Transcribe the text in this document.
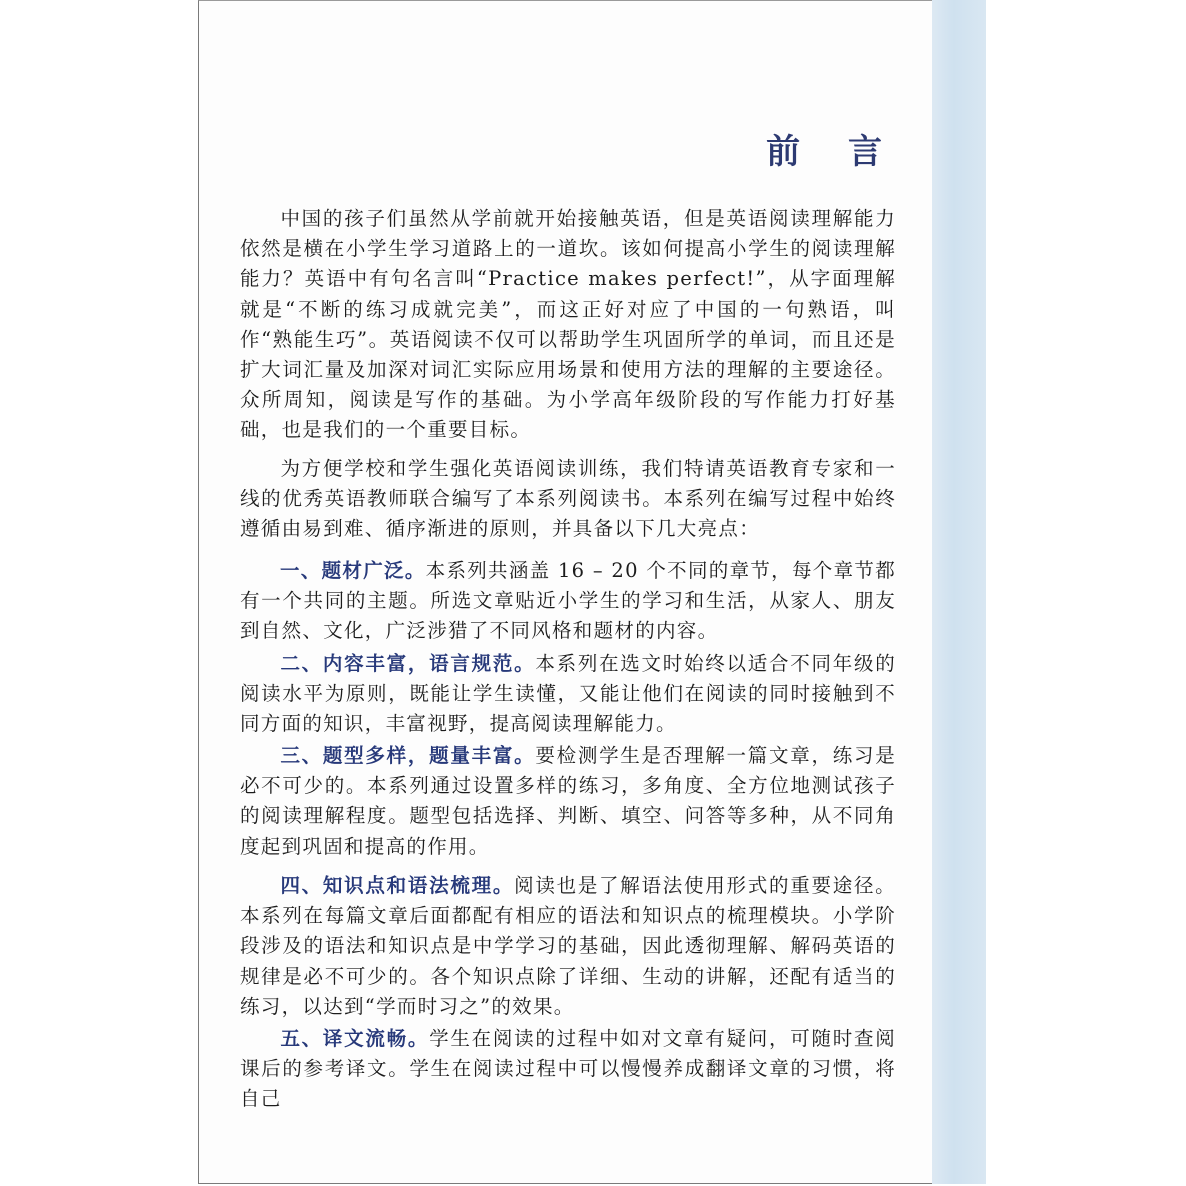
前 言

中国的孩子们虽然从学前就开始接触英语，但是英语阅读理解能力依然是横在小学生学习道路上的一道坎。该如何提高小学生的阅读理解能力？英语中有句名言叫“Practice makes perfect!”，从字面理解就是“不断的练习成就完美”，而这正好对应了中国的一句熟语，叫作“熟能生巧”。英语阅读不仅可以帮助学生巩固所学的单词，而且还是扩大词汇量及加深对词汇实际应用场景和使用方法的理解的主要途径。众所周知，阅读是写作的基础。为小学高年级阶段的写作能力打好基础，也是我们的一个重要目标。

为方便学校和学生强化英语阅读训练，我们特请英语教育专家和一线的优秀英语教师联合编写了本系列阅读书。本系列在编写过程中始终遵循由易到难、循序渐进的原则，并具备以下几大亮点：

一、题材广泛。本系列共涵盖 16 – 20 个不同的章节，每个章节都有一个共同的主题。所选文章贴近小学生的学习和生活，从家人、朋友到自然、文化，广泛涉猎了不同风格和题材的内容。

二、内容丰富，语言规范。本系列在选文时始终以适合不同年级的阅读水平为原则，既能让学生读懂，又能让他们在阅读的同时接触到不同方面的知识，丰富视野，提高阅读理解能力。

三、题型多样，题量丰富。要检测学生是否理解一篇文章，练习是必不可少的。本系列通过设置多样的练习，多角度、全方位地测试孩子的阅读理解程度。题型包括选择、判断、填空、问答等多种，从不同角度起到巩固和提高的作用。

四、知识点和语法梳理。阅读也是了解语法使用形式的重要途径。本系列在每篇文章后面都配有相应的语法和知识点的梳理模块。小学阶段涉及的语法和知识点是中学学习的基础，因此透彻理解、解码英语的规律是必不可少的。各个知识点除了详细、生动的讲解，还配有适当的练习，以达到“学而时习之”的效果。

五、译文流畅。学生在阅读的过程中如对文章有疑问，可随时查阅课后的参考译文。学生在阅读过程中可以慢慢养成翻译文章的习惯，将自己
